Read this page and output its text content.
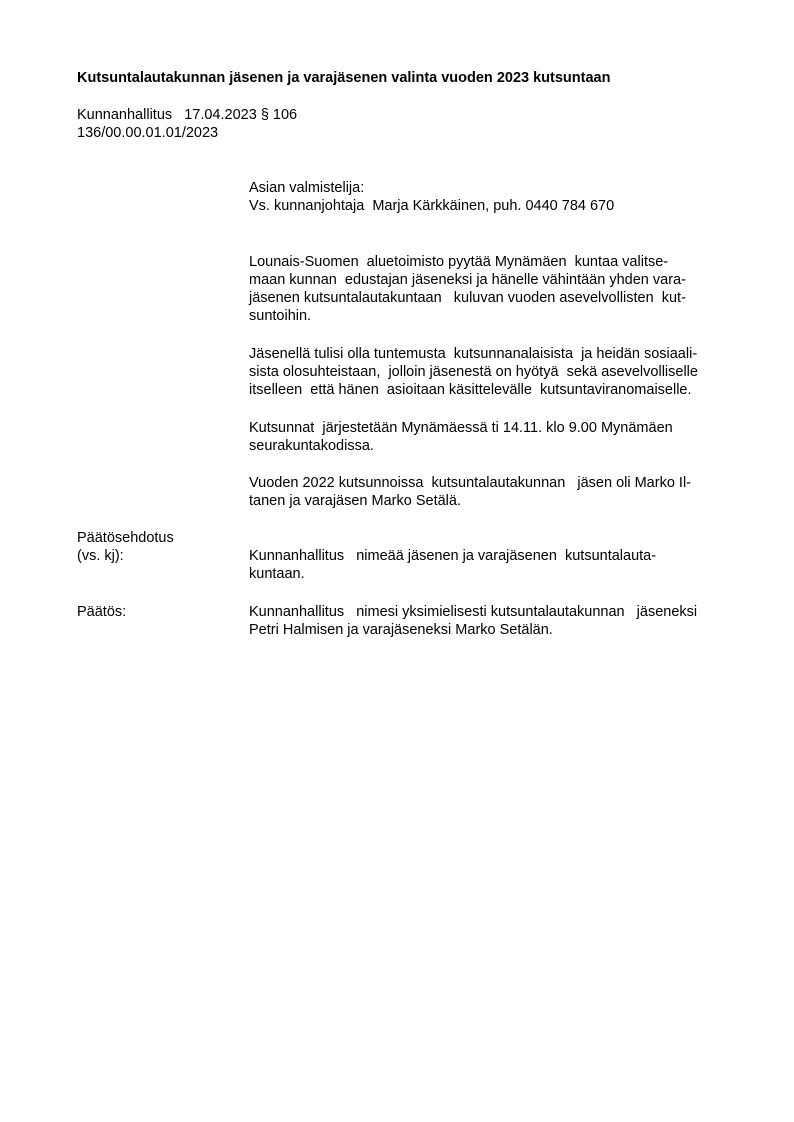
Kutsuntalautakunnan jäsenen ja varajäsenen valinta vuoden 2023 kutsuntaan
Kunnanhallitus   17.04.2023 § 106
136/00.00.01.01/2023
Asian valmistelija:
Vs. kunnanjohtaja  Marja Kärkkäinen, puh. 0440 784 670
Lounais-Suomen  aluetoimisto pyytää Mynämäen  kuntaa valitse-
maan kunnan  edustajan jäseneksi ja hänelle vähintään yhden vara-
jäsenen kutsuntalautakuntaan   kuluvan vuoden asevelvollisten  kut-
suntoihin.
Jäsenellä tulisi olla tuntemusta  kutsunnanalaisista  ja heidän sosiaali-
sista olosuhteistaan,  jolloin jäsenestä on hyötyä  sekä asevelvolliselle
itselleen  että hänen  asioitaan käsittelevälle  kutsuntaviranomaiselle.
Kutsunnat  järjestetään Mynämäessä ti 14.11. klo 9.00 Mynämäen
seurakuntakodissa.
Vuoden 2022 kutsunnoissa  kutsuntalautakunnan   jäsen oli Marko Il-
tanen ja varajäsen Marko Setälä.
Päätösehdotus
(vs. kj):	Kunnanhallitus   nimeää jäsenen ja varajäsenen  kutsuntalauta-
kuntaan.
Päätös:	Kunnanhallitus   nimesi yksimielisesti kutsuntalautakunnan   jäseneksi
Petri Halmisen ja varajäseneksi Marko Setälän.
